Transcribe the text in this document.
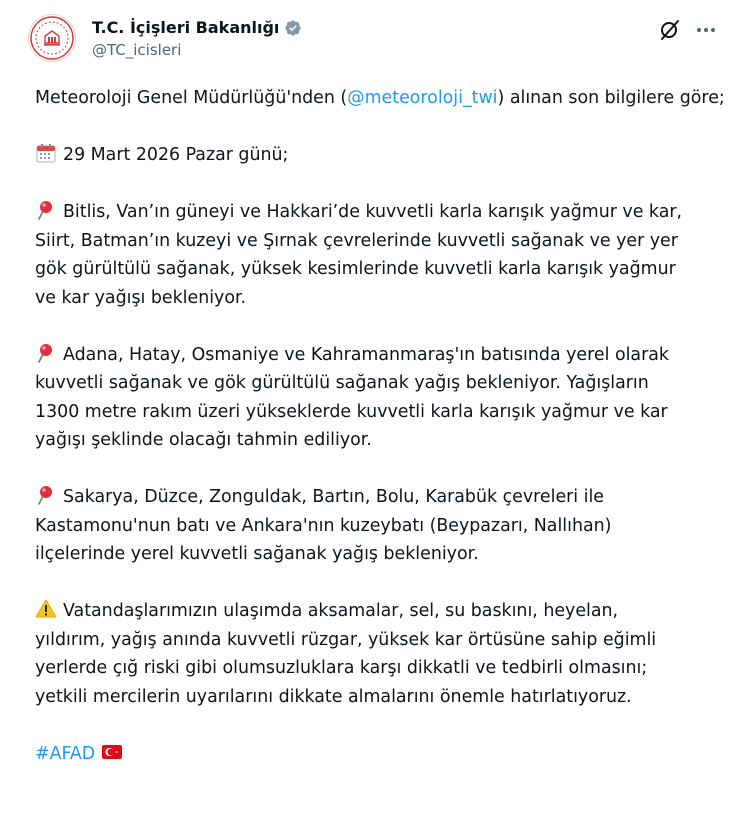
T.C. İçişleri Bakanlığı
@TC_icisleri

Meteoroloji Genel Müdürlüğü'nden (@meteoroloji_twi) alınan son bilgilere göre;

29 Mart 2026 Pazar günü;

Bitlis, Van’ın güneyi ve Hakkari’de kuvvetli karla karışık yağmur ve kar,
Siirt, Batman’ın kuzeyi ve Şırnak çevrelerinde kuvvetli sağanak ve yer yer
gök gürültülü sağanak, yüksek kesimlerinde kuvvetli karla karışık yağmur
ve kar yağışı bekleniyor.

Adana, Hatay, Osmaniye ve Kahramanmaraş'ın batısında yerel olarak
kuvvetli sağanak ve gök gürültülü sağanak yağış bekleniyor. Yağışların
1300 metre rakım üzeri yükseklerde kuvvetli karla karışık yağmur ve kar
yağışı şeklinde olacağı tahmin ediliyor.

Sakarya, Düzce, Zonguldak, Bartın, Bolu, Karabük çevreleri ile
Kastamonu'nun batı ve Ankara'nın kuzeybatı (Beypazarı, Nallıhan)
ilçelerinde yerel kuvvetli sağanak yağış bekleniyor.

Vatandaşlarımızın ulaşımda aksamalar, sel, su baskını, heyelan,
yıldırım, yağış anında kuvvetli rüzgar, yüksek kar örtüsüne sahip eğimli
yerlerde çığ riski gibi olumsuzluklara karşı dikkatli ve tedbirli olmasını;
yetkili mercilerin uyarılarını dikkate almalarını önemle hatırlatıyoruz.

#AFAD
